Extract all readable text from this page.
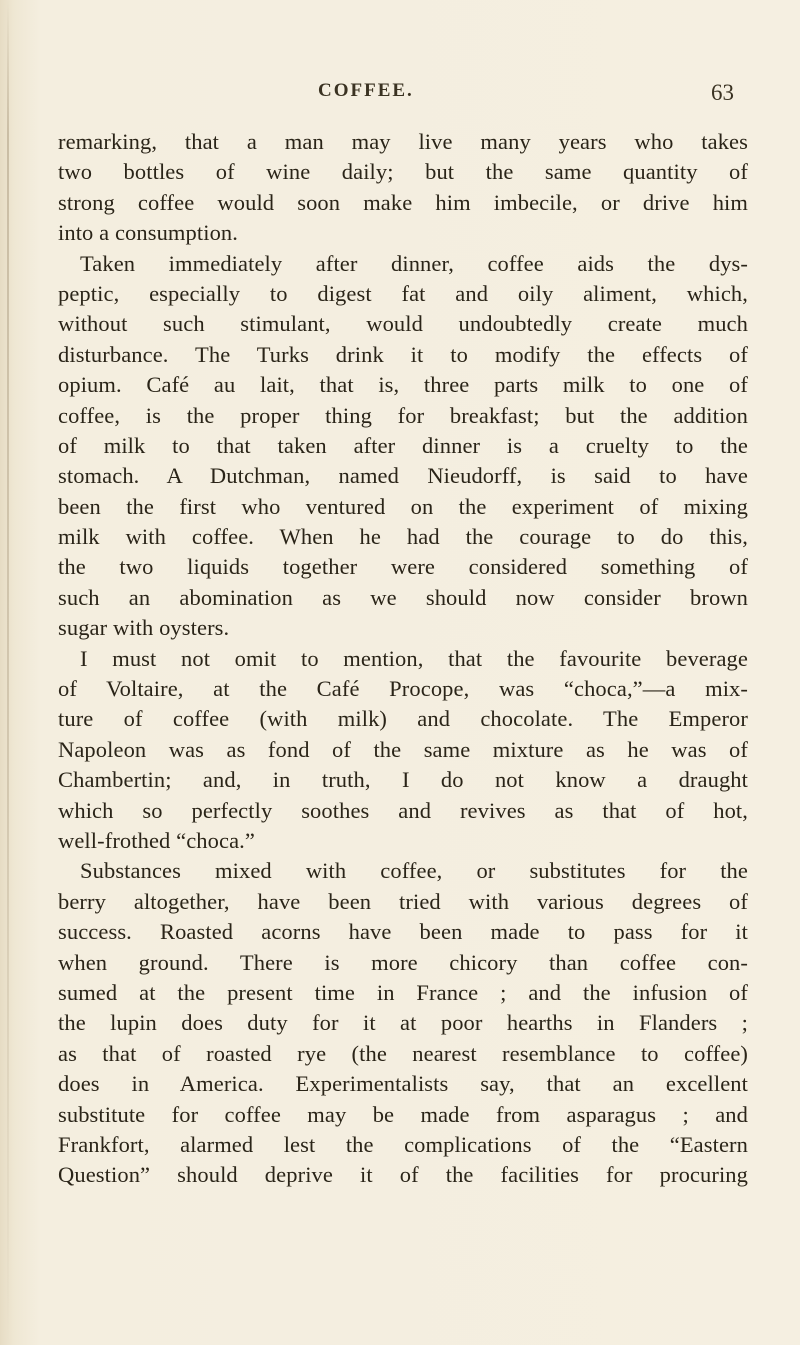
COFFEE.	63
remarking, that a man may live many years who takes
two bottles of wine daily; but the same quantity of
strong coffee would soon make him imbecile, or drive him
into a consumption.
Taken immediately after dinner, coffee aids the dys-
peptic, especially to digest fat and oily aliment, which,
without such stimulant, would undoubtedly create much
disturbance. The Turks drink it to modify the effects of
opium. Café au lait, that is, three parts milk to one of
coffee, is the proper thing for breakfast; but the addition
of milk to that taken after dinner is a cruelty to the
stomach. A Dutchman, named Nieudorff, is said to have
been the first who ventured on the experiment of mixing
milk with coffee. When he had the courage to do this,
the two liquids together were considered something of
such an abomination as we should now consider brown
sugar with oysters.
I must not omit to mention, that the favourite beverage
of Voltaire, at the Café Procope, was “choca,”—a mix-
ture of coffee (with milk) and chocolate. The Emperor
Napoleon was as fond of the same mixture as he was of
Chambertin; and, in truth, I do not know a draught
which so perfectly soothes and revives as that of hot,
well-frothed “choca.”
Substances mixed with coffee, or substitutes for the
berry altogether, have been tried with various degrees of
success. Roasted acorns have been made to pass for it
when ground. There is more chicory than coffee con-
sumed at the present time in France ; and the infusion of
the lupin does duty for it at poor hearths in Flanders ;
as that of roasted rye (the nearest resemblance to coffee)
does in America. Experimentalists say, that an excellent
substitute for coffee may be made from asparagus ; and
Frankfort, alarmed lest the complications of the “Eastern
Question” should deprive it of the facilities for procuring
